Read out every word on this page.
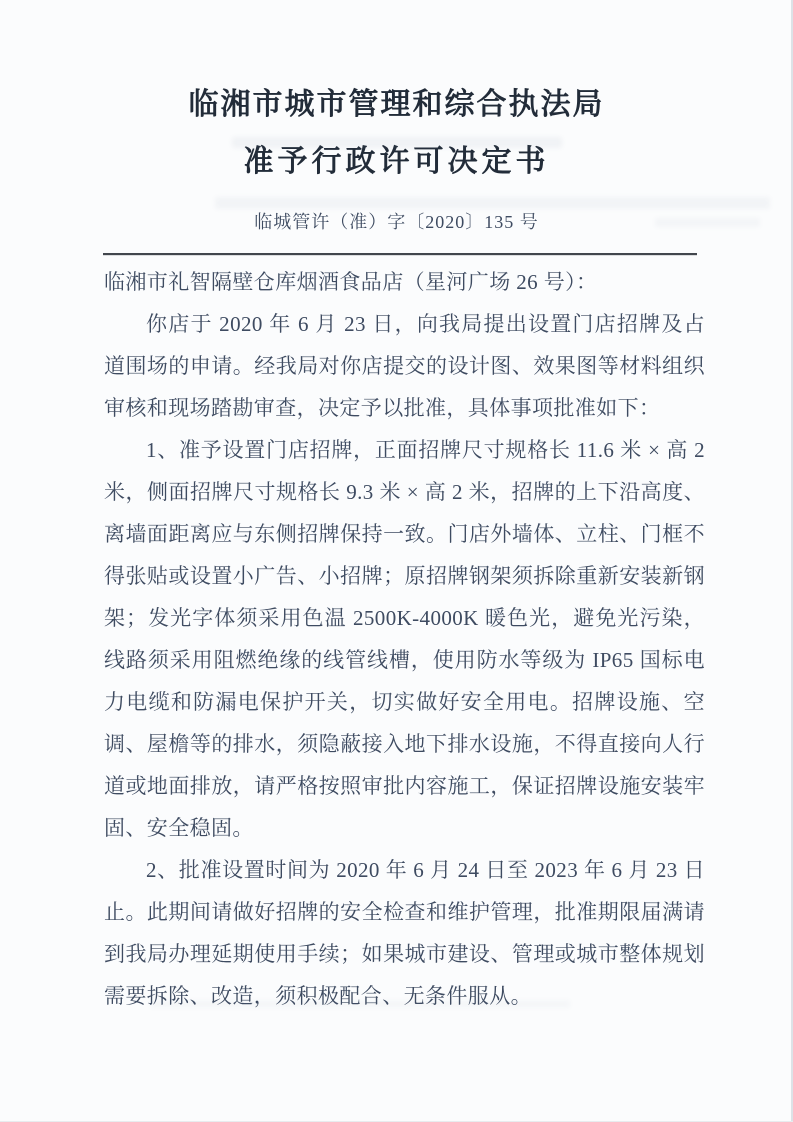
临湘市城市管理和综合执法局
准予行政许可决定书
临城管许（准）字〔2020〕135 号

临湘市礼智隔壁仓库烟酒食品店（星河广场 26 号）：

你店于 2020 年 6 月 23 日，向我局提出设置门店招牌及占道围场的申请。经我局对你店提交的设计图、效果图等材料组织审核和现场踏勘审查，决定予以批准，具体事项批准如下：

1、准予设置门店招牌，正面招牌尺寸规格长 11.6 米 × 高 2 米，侧面招牌尺寸规格长 9.3 米 × 高 2 米，招牌的上下沿高度、离墙面距离应与东侧招牌保持一致。门店外墙体、立柱、门框不得张贴或设置小广告、小招牌；原招牌钢架须拆除重新安装新钢架；发光字体须采用色温 2500K-4000K 暖色光，避免光污染，线路须采用阻燃绝缘的线管线槽，使用防水等级为 IP65 国标电力电缆和防漏电保护开关，切实做好安全用电。招牌设施、空调、屋檐等的排水，须隐蔽接入地下排水设施，不得直接向人行道或地面排放，请严格按照审批内容施工，保证招牌设施安装牢固、安全稳固。

2、批准设置时间为 2020 年 6 月 24 日至 2023 年 6 月 23 日止。此期间请做好招牌的安全检查和维护管理，批准期限届满请到我局办理延期使用手续；如果城市建设、管理或城市整体规划需要拆除、改造，须积极配合、无条件服从。
